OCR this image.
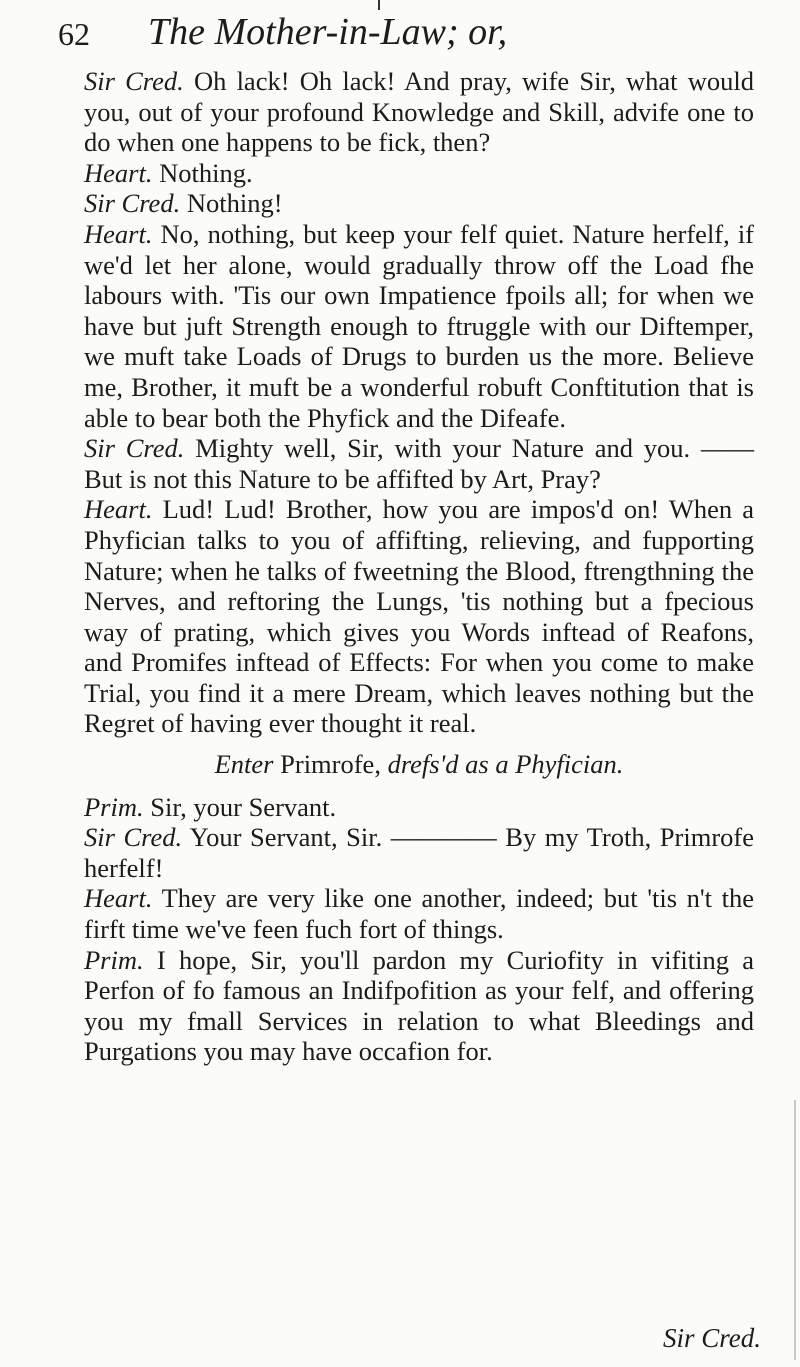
62 The Mother-in-Law; or,

Sir Cred. Oh lack! Oh lack! And pray, wife Sir, what would you, out of your profound Knowledge and Skill, advife one to do when one happens to be fick, then?

Heart. Nothing.

Sir Cred. Nothing!

Heart. No, nothing, but keep your felf quiet. Nature herfelf, if we'd let her alone, would gradually throw off the Load fhe labours with. 'Tis our own Impatience fpoils all; for when we have but juft Strength enough to ftruggle with our Diftemper, we muft take Loads of Drugs to burden us the more. Believe me, Brother, it muft be a wonderful robuft Conftitution that is able to bear both the Phyfick and the Difeafe.

Sir Cred. Mighty well, Sir, with your Nature and you. —— But is not this Nature to be affifted by Art, Pray?

Heart. Lud! Lud! Brother, how you are impos'd on! When a Phyfician talks to you of affifting, relieving, and fupporting Nature; when he talks of fweetning the Blood, ftrengthning the Nerves, and reftoring the Lungs, 'tis nothing but a fpecious way of prating, which gives you Words inftead of Reafons, and Promifes inftead of Effects: For when you come to make Trial, you find it a mere Dream, which leaves nothing but the Regret of having ever thought it real.

Enter Primrofe, drefs'd as a Phyfician.

Prim. Sir, your Servant.

Sir Cred. Your Servant, Sir. ———— By my Troth, Primrofe herfelf!

Heart. They are very like one another, indeed; but 'tis n't the firft time we've feen fuch fort of things.

Prim. I hope, Sir, you'll pardon my Curiofity in vifiting a Perfon of fo famous an Indifpofition as your felf, and offering you my fmall Services in relation to what Bleedings and Purgations you may have occafion for.

Sir Cred.
